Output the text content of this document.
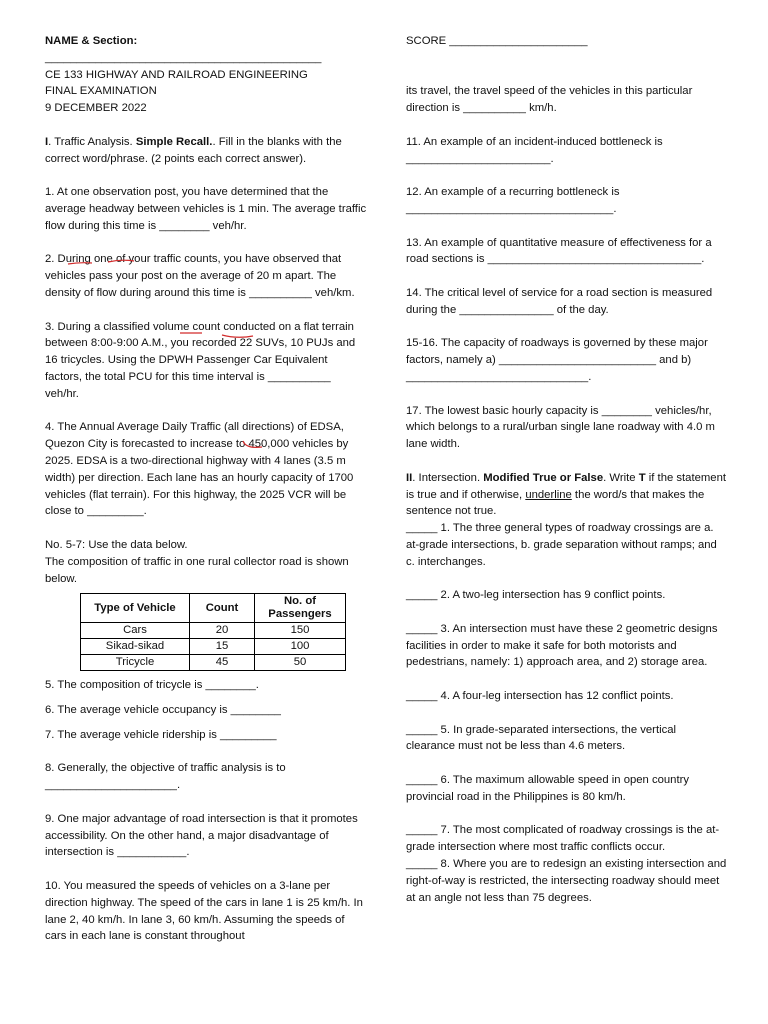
NAME & Section:

____________________________________________

CE 133 HIGHWAY AND RAILROAD ENGINEERING

FINAL EXAMINATION

9 DECEMBER 2022

I. Traffic Analysis. Simple Recall.. Fill in the blanks with the correct word/phrase. (2 points each correct answer).

1. At one observation post, you have determined that the average headway between vehicles is 1 min. The average traffic flow during this time is ________ veh/hr.

2. During one of your traffic counts, you have observed that vehicles pass your post on the average of 20 m apart. The density of flow during around this time is __________ veh/km.

3. During a classified volume count conducted on a flat terrain between 8:00-9:00 A.M., you recorded 22 SUVs, 10 PUJs and 16 tricycles. Using the DPWH Passenger Car Equivalent factors, the total PCU for this time interval is __________ veh/hr.

4. The Annual Average Daily Traffic (all directions) of EDSA, Quezon City is forecasted to increase to 450,000 vehicles by 2025. EDSA is a two-directional highway with 4 lanes (3.5 m width) per direction. Each lane has an hourly capacity of 1700 vehicles (flat terrain). For this highway, the 2025 VCR will be close to _________.

No. 5-7: Use the data below.

The composition of traffic in one rural collector road is shown below.

Type of Vehicle	Count	No. of Passengers
Cars	20	150
Sikad-sikad	15	100
Tricycle	45	50

5. The composition of tricycle is ________.

6. The average vehicle occupancy is ________

7. The average vehicle ridership is _________

8. Generally, the objective of traffic analysis is to _____________________.

9. One major advantage of road intersection is that it promotes accessibility. On the other hand, a major disadvantage of intersection is ___________.

10. You measured the speeds of vehicles on a 3-lane per direction highway. The speed of the cars in lane 1 is 25 km/h. In lane 2, 40 km/h. In lane 3, 60 km/h. Assuming the speeds of cars in each lane is constant throughout

SCORE ______________________

its travel, the travel speed of the vehicles in this particular direction is __________ km/h.

11. An example of an incident-induced bottleneck is _______________________.

12. An example of a recurring bottleneck is _________________________________.

13. An example of quantitative measure of effectiveness for a road sections is __________________________________.

14. The critical level of service for a road section is measured during the _______________ of the day.

15-16. The capacity of roadways is governed by these major factors, namely a) _________________________ and b) _____________________________.

17. The lowest basic hourly capacity is ________ vehicles/hr, which belongs to a rural/urban single lane roadway with 4.0 m lane width.

II. Intersection. Modified True or False. Write T if the statement is true and if otherwise, underline the word/s that makes the sentence not true.

_____ 1. The three general types of roadway crossings are a. at-grade intersections, b. grade separation without ramps; and c. interchanges.

_____ 2. A two-leg intersection has 9 conflict points.

_____ 3. An intersection must have these 2 geometric designs facilities in order to make it safe for both motorists and pedestrians, namely: 1) approach area, and 2) storage area.

_____ 4. A four-leg intersection has 12 conflict points.

_____ 5. In grade-separated intersections, the vertical clearance must not be less than 4.6 meters.

_____ 6. The maximum allowable speed in open country provincial road in the Philippines is 80 km/h.

_____ 7. The most complicated of roadway crossings is the at-grade intersection where most traffic conflicts occur.

_____ 8. Where you are to redesign an existing intersection and right-of-way is restricted, the intersecting roadway should meet at an angle not less than 75 degrees.
